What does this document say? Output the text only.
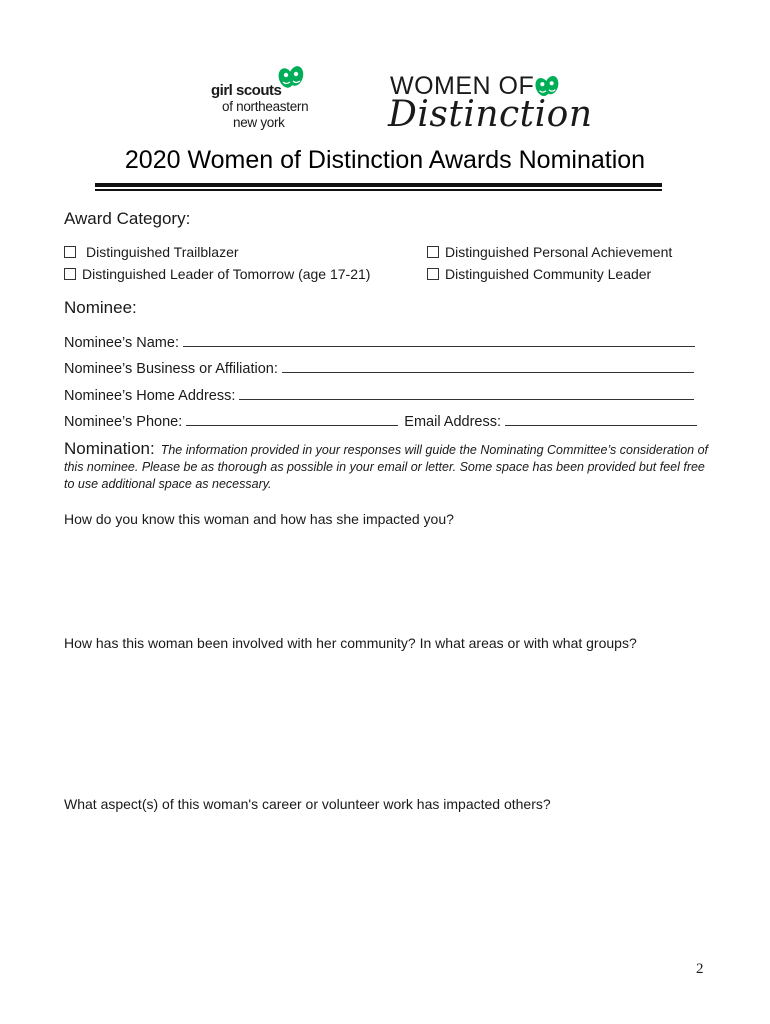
girl scouts
of northeastern
new york
WOMEN OF
Distinction
2020 Women of Distinction Awards Nomination
Award Category:
Distinguished Trailblazer	Distinguished Personal Achievement
Distinguished Leader of Tomorrow (age 17-21)	Distinguished Community Leader
Nominee:
Nominee’s Name:
Nominee’s Business or Affiliation:
Nominee’s Home Address:
Nominee’s Phone:	Email Address:
Nomination: The information provided in your responses will guide the Nominating Committee’s consideration of this nominee. Please be as thorough as possible in your email or letter. Some space has been provided but feel free to use additional space as necessary.
How do you know this woman and how has she impacted you?
How has this woman been involved with her community? In what areas or with what groups?
What aspect(s) of this woman's career or volunteer work has impacted others?
2
